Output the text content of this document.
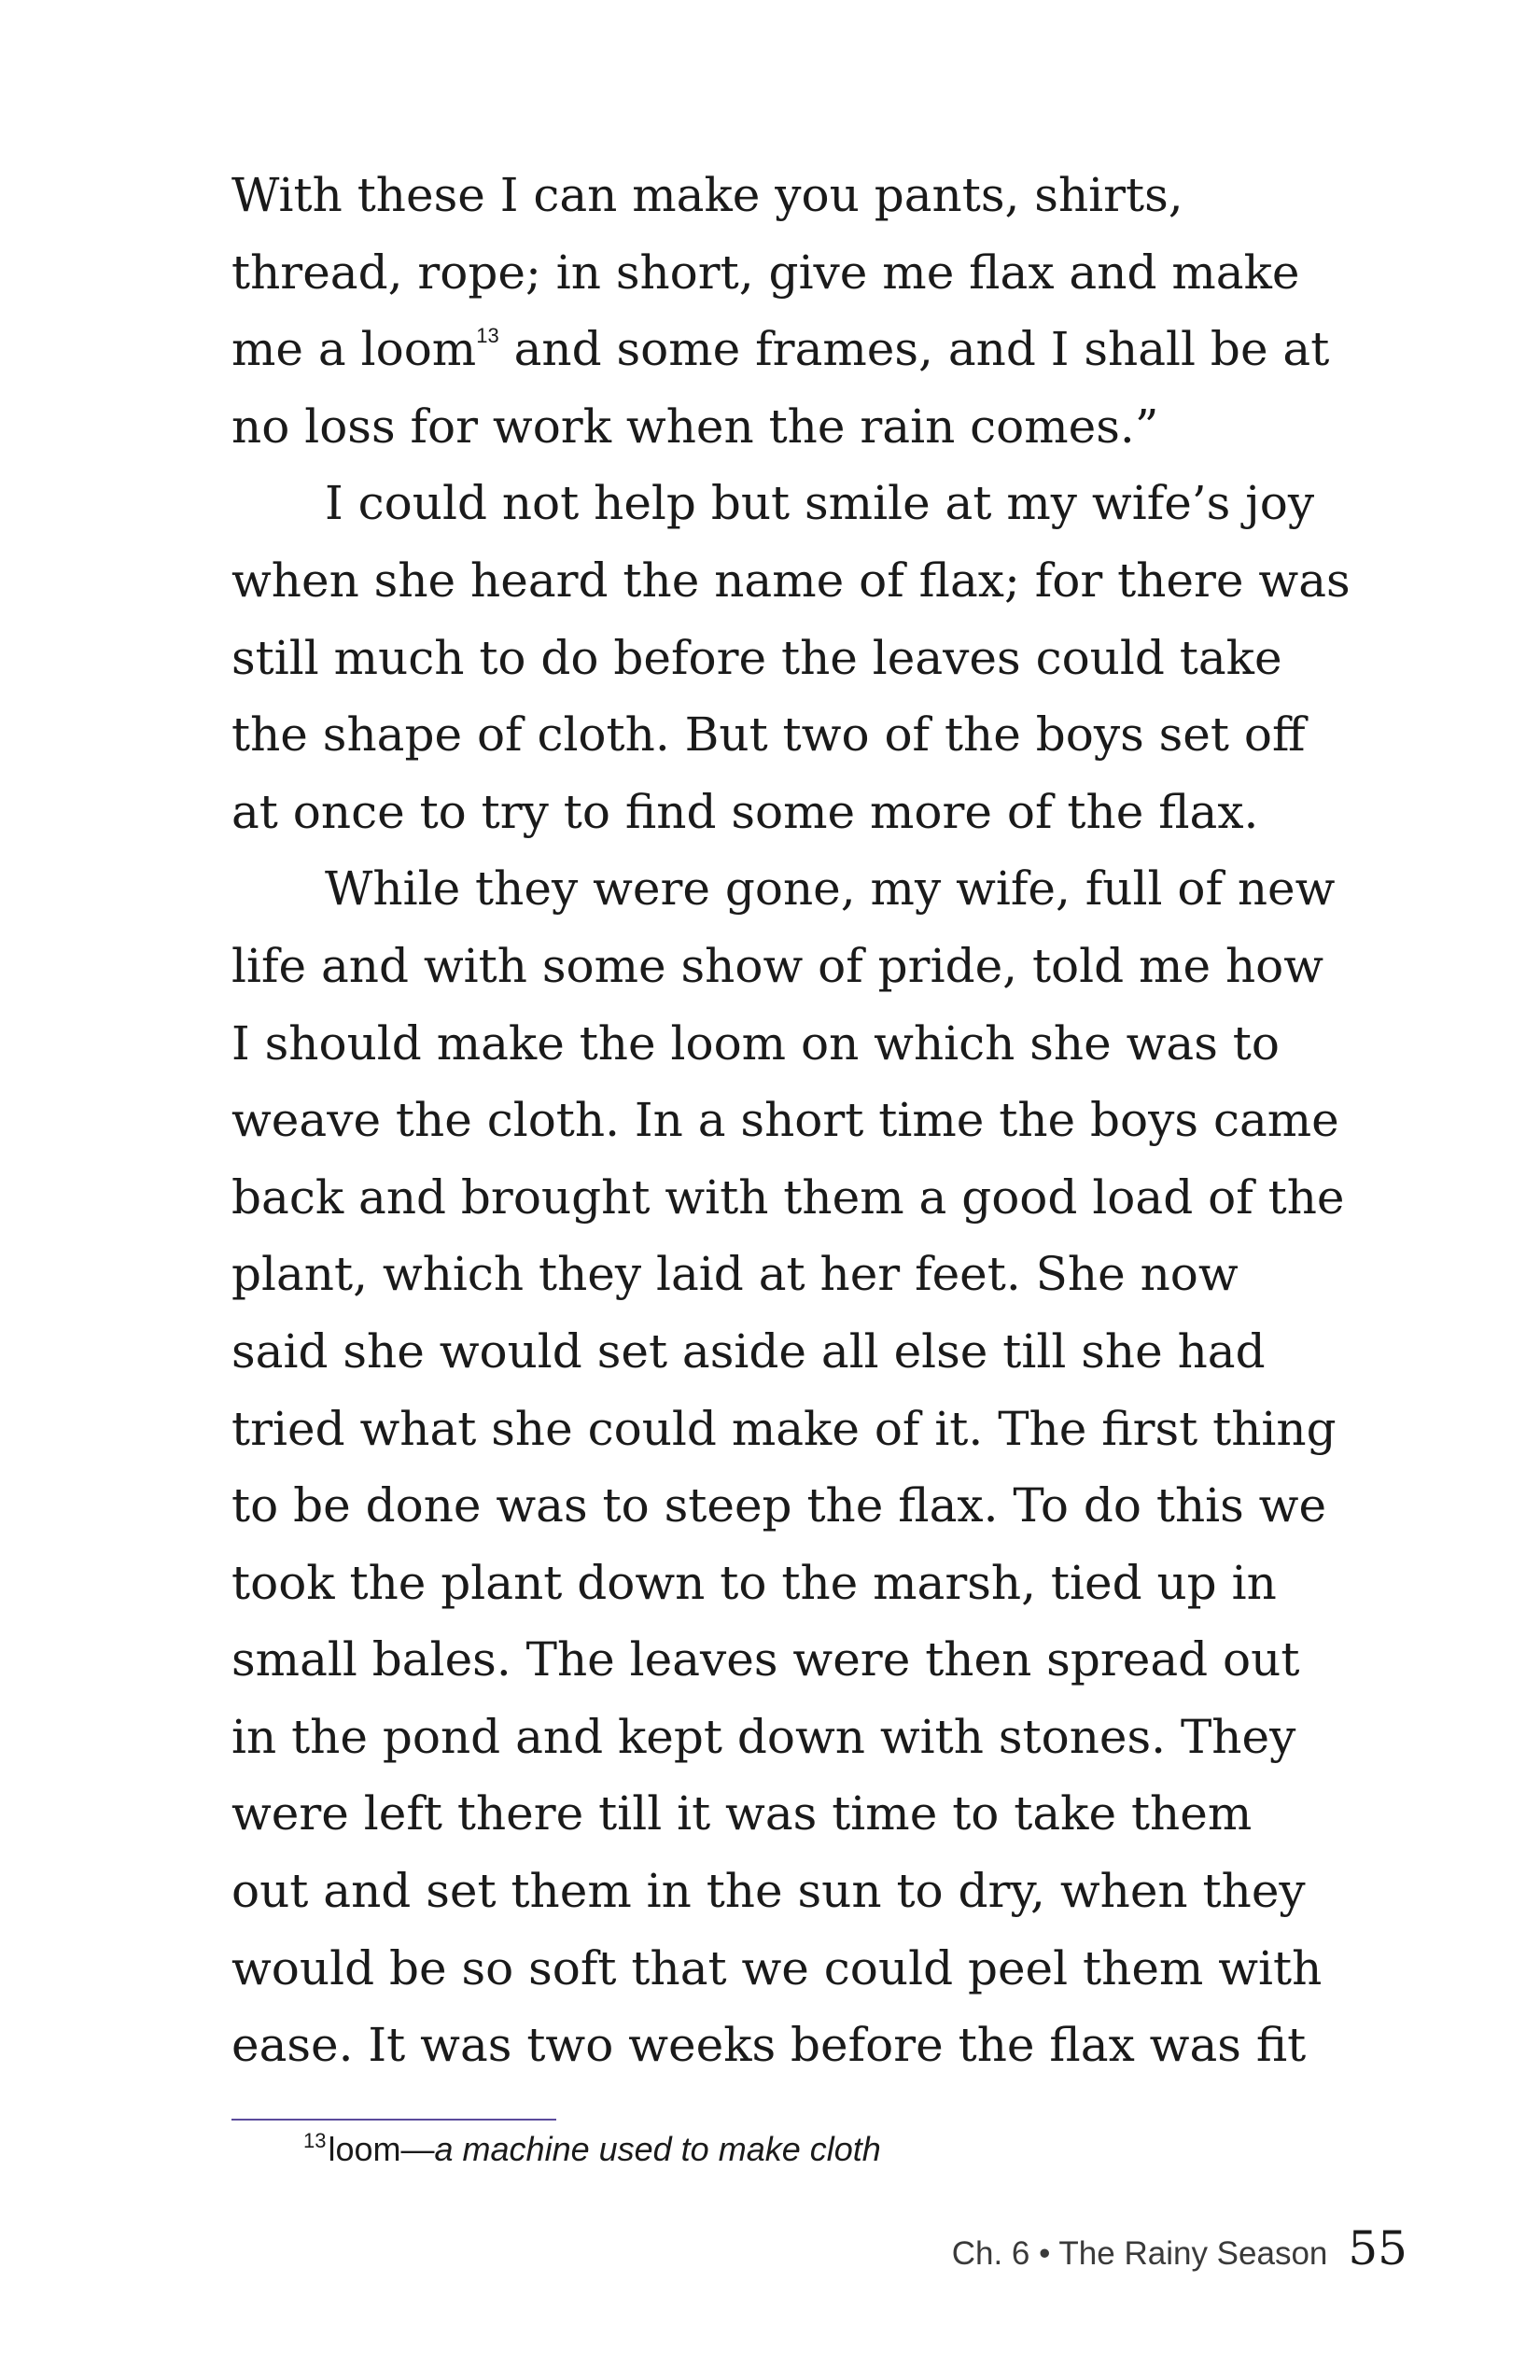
With these I can make you pants, shirts,
thread, rope; in short, give me flax and make
me a loom$^{13}$ and some frames, and I shall be at
no loss for work when the rain comes.”
I could not help but smile at my wife’s joy
when she heard the name of flax; for there was
still much to do before the leaves could take
the shape of cloth. But two of the boys set off
at once to try to find some more of the flax.
While they were gone, my wife, full of new
life and with some show of pride, told me how
I should make the loom on which she was to
weave the cloth. In a short time the boys came
back and brought with them a good load of the
plant, which they laid at her feet. She now
said she would set aside all else till she had
tried what she could make of it. The first thing
to be done was to steep the flax. To do this we
took the plant down to the marsh, tied up in
small bales. The leaves were then spread out
in the pond and kept down with stones. They
were left there till it was time to take them
out and set them in the sun to dry, when they
would be so soft that we could peel them with
ease. It was two weeks before the flax was fit
$^{13}$loom—a machine used to make cloth
Ch. 6 • The Rainy Season 55
